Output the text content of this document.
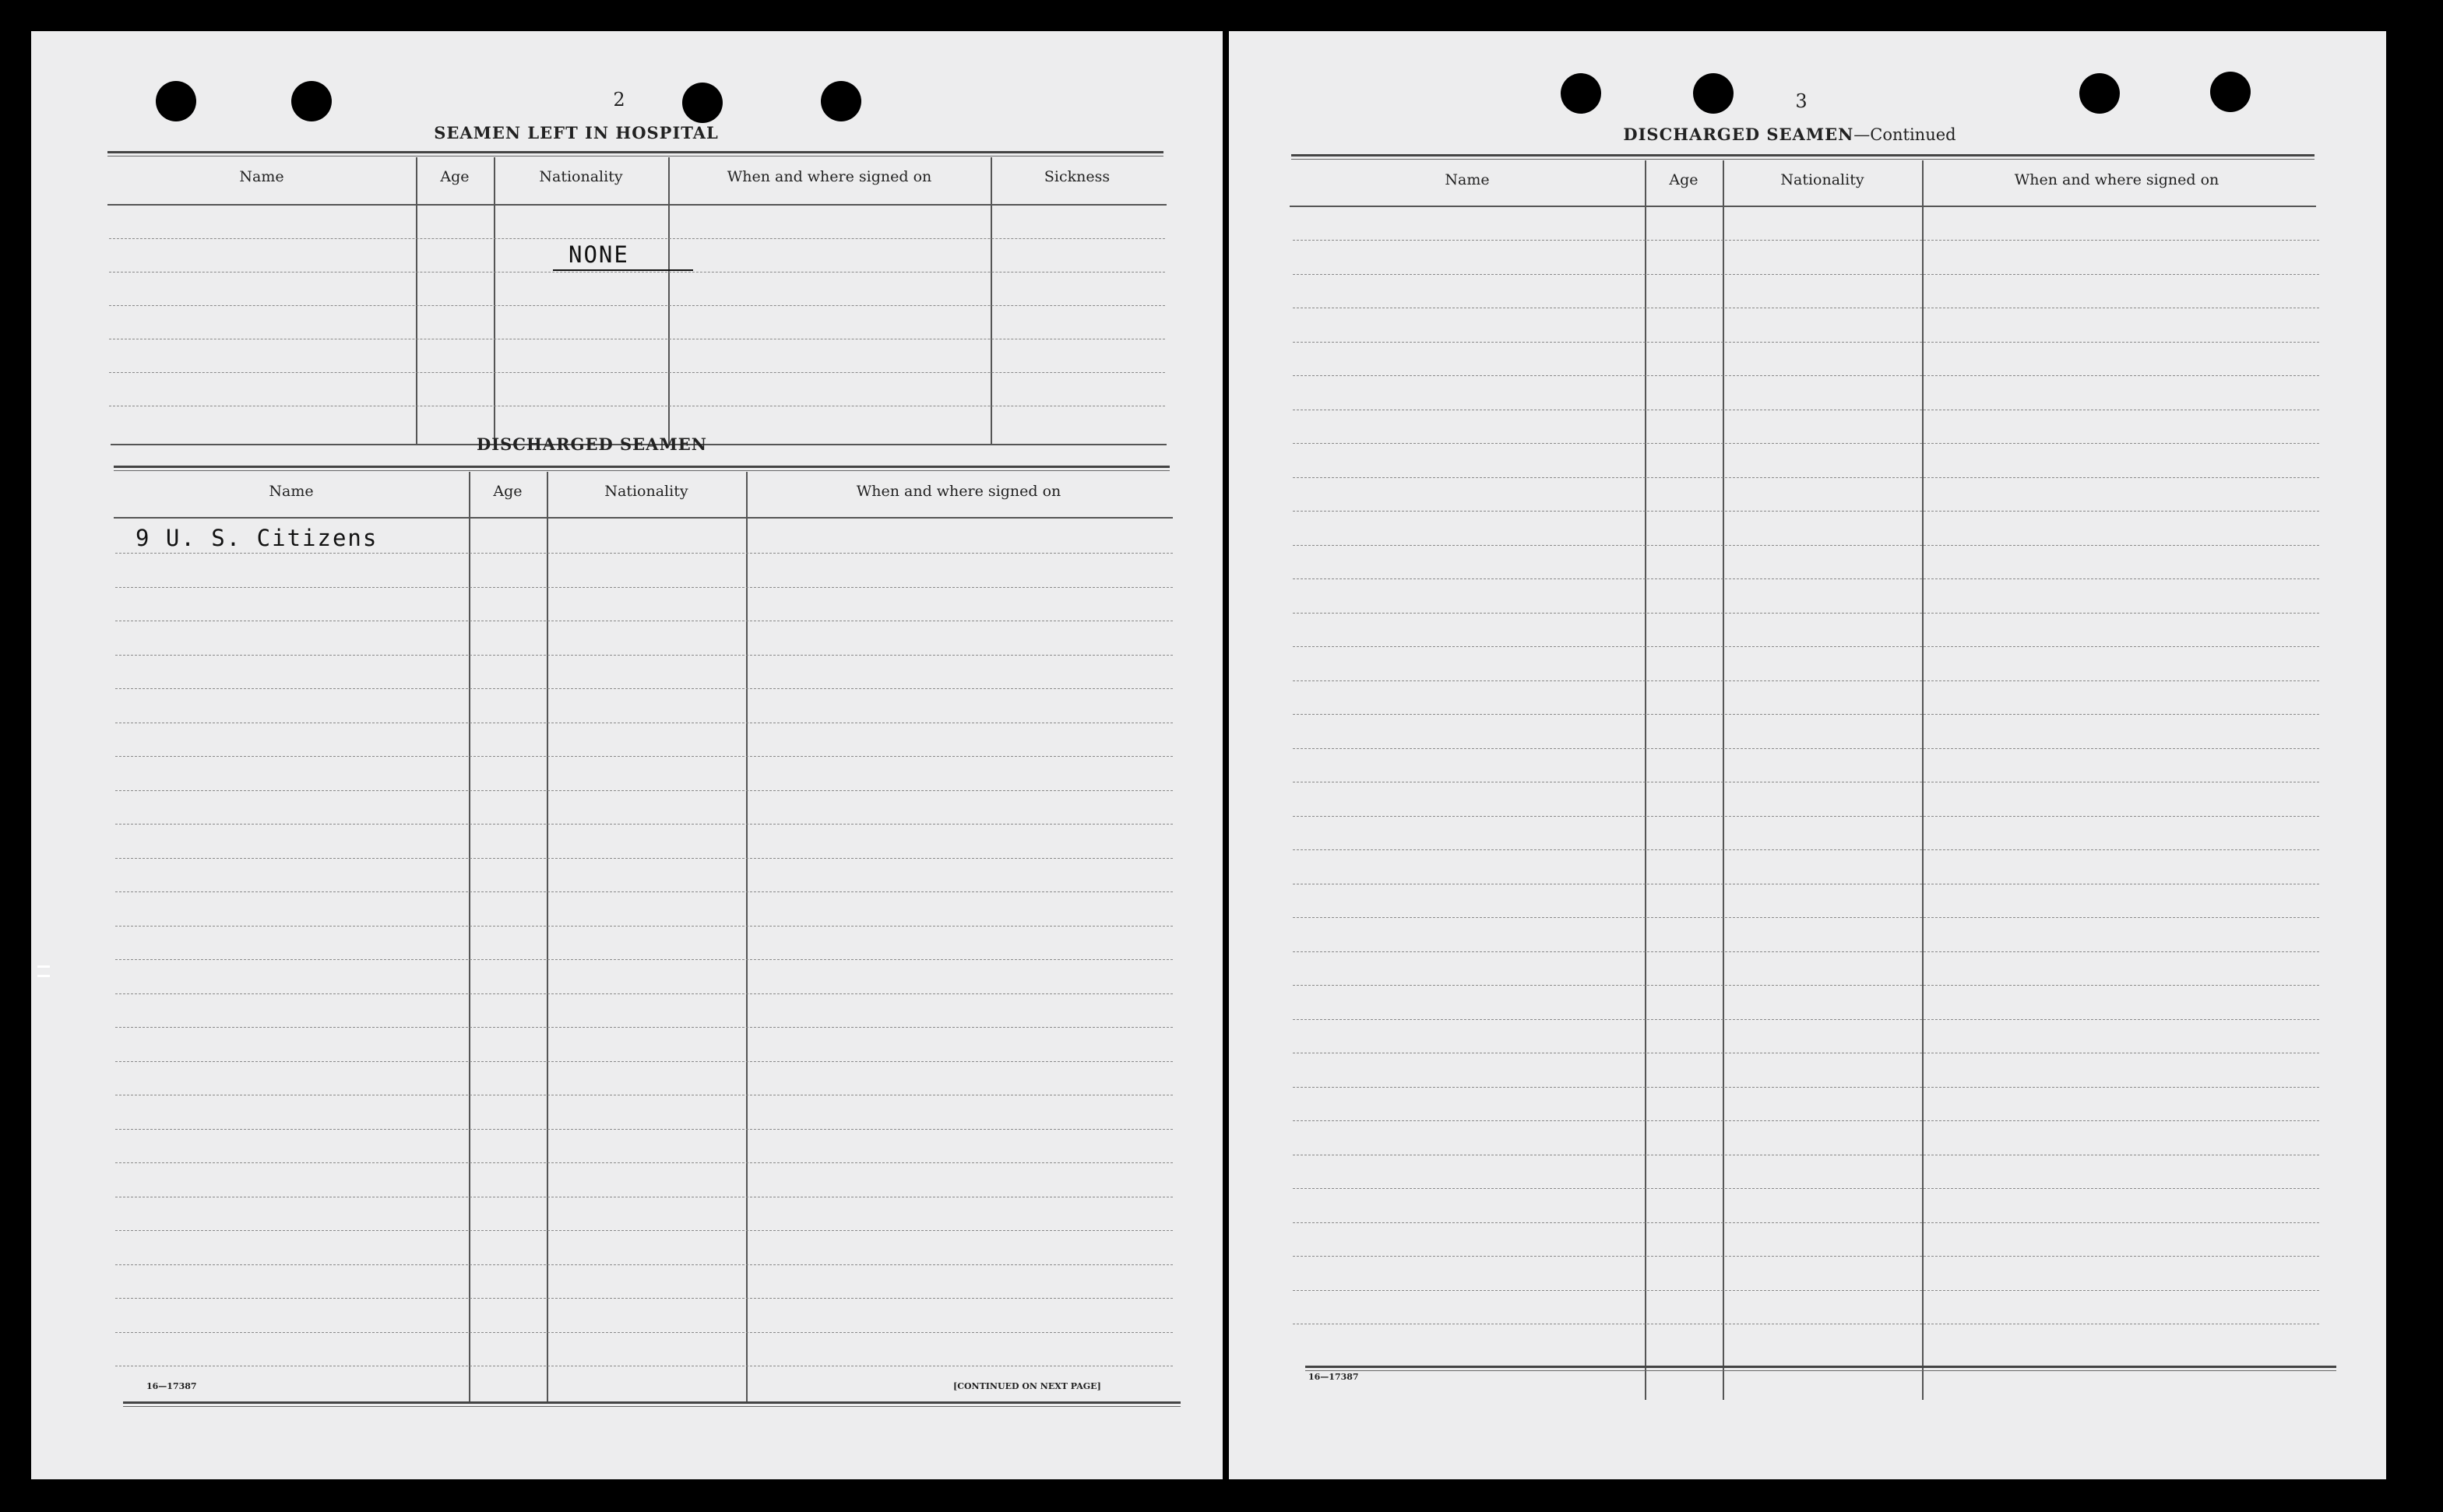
2
SEAMEN LEFT IN HOSPITAL
Name	Age	Nationality	When and where signed on	Sickness
NONE
DISCHARGED SEAMEN
Name	Age	Nationality	When and where signed on
9 U. S. Citizens
16—17387	[CONTINUED ON NEXT PAGE]
3
DISCHARGED SEAMEN—Continued
Name	Age	Nationality	When and where signed on
16—17387
